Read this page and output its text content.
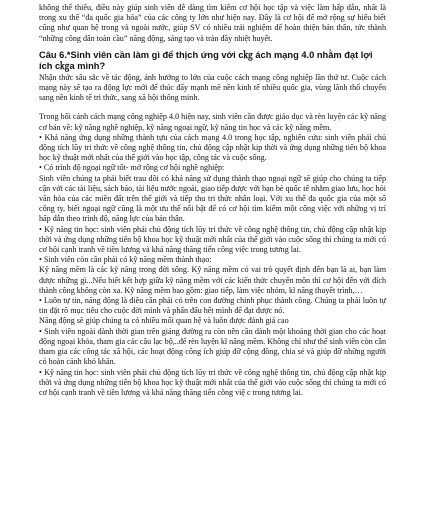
không thể thiếu, điều này giúp sinh viên dễ dàng tìm kiếm cơ hội học tập và việc làm hấp dẫn, nhất là trong xu thế “đa quốc gia hóa” của các công ty lớn như hiện nay. Đây là cơ hội để mở rộng sự hiểu biết cũng như quan hệ trong và ngoài nước, giúp SV có nhiều trải nghiệm để hoàn thiện bản thân, tức thành “những công dân toàn cầu” năng động, sáng tạo và tràn đầy nhiệt huyết.

Câu 6.*Sinh viên cần làm gì để thịch ứng với c㎏ ách mạng 4.0 nhằm đạt lợi ích c㎏a mình?

Nhận thức sâu sắc về tác động, ảnh hưởng to lớn của cuộc cách mạng công nghiệp lần thứ tư. Cuộc cách mạng này sẽ tạo ra động lực mới để thúc đẩy mạnh mẽ nền kinh tế nhiều quốc gia, vùng lãnh thổ chuyển sang nền kinh tế tri thức, sang xã hội thông minh.

Trong bối cảnh cách mạng công nghiệp 4.0 hiện nay, sinh viên cần được giáo dục và rèn luyện các kỹ năng cơ bản về: kỹ năng nghề nghiệp, kỹ năng ngoại ngữ, kỹ năng tin học và các kỹ năng mềm.

• Khả năng ứng dụng những thành tựu của cách mạng 4.0 trong học tập, nghiên cứu: sinh viên phải chủ động tích lũy tri thức về công nghệ thông tin, chủ động cập nhật kịp thời và ứng dụng những tiến bộ khoa học kỹ thuật mới nhất của thế giới vào học tập, công tác và cuộc sống.

• Có trình độ ngoại ngữ tốt- mở rộng cơ hội nghề nghiệp:

Sinh viên chúng ta phải biết trau dồi có khả năng sử dụng thành thạo ngoại ngữ sẽ giúp cho chúng ta tiếp cận với các tài liệu, sách báo, tài liệu nước ngoài, giao tiếp được với bạn bè quốc tế nhằm giao lưu, học hỏi văn hóa của các miền đất trên thế giới và tiếp thu tri thức nhân loại. Với xu thế đa quốc gia của một số công ty, biết ngoại ngữ cũng là một ưu thế nổi bật để có cơ hội tìm kiếm một công việc với những vị trí hấp dẫn theo trình độ, năng lực của bản thân.

• Kỹ năng tin học: sinh viên phải chủ động tích lũy tri thức về công nghệ thông tin, chủ động cập nhật kịp thời và ứng dụng những tiến bộ khoa học kỹ thuật mới nhất của thế giới vào cuộc sống thì chúng ta mới có cơ hội cạnh tranh về tiền lương và khả năng thăng tiến công việc trong tương lai.

• Sinh viên còn cần phải có kỹ năng mềm thành thạo:

Kỹ năng mềm là các kỹ năng trong đời sống. Kỹ năng mềm có vai trò quyết định đến bạn là ai, bạn làm được những gì...Nếu biết kết hợp giữa kỹ năng mềm với các kiến thức chuyên môn thì cơ hội đến với đích thành công không còn xa. Kỹ năng mềm bao gồm: giao tiếp, làm việc nhóm, kĩ năng thuyết trình,…

• Luôn tự tin, năng động là điều cần phải có trên con đường chinh phục thành công. Chúng ta phải luôn tự tin đặt rõ mục tiêu cho cuộc đời mình và phấn đấu hết mình để đạt được nó.

Năng động sẽ giúp chúng ta có nhiều mối quan hệ và luôn được đánh giá cao

• Sinh viên ngoài dành thời gian trên giảng đường ra còn nên cần dành một khoảng thời gian cho các hoạt động ngoại khóa, tham gia các câu lạc bộ,..để rèn luyện kĩ năng mềm. Không chỉ như thế sinh viên còn cần tham gia các công tác xã hội, các hoạt động công ích giúp đỡ cộng đồng, chia sẻ và giúp đỡ những người có hoàn cảnh khó khăn.

• Kỹ năng tin học: sinh viên phải chủ động tích lũy tri thức về công nghệ thông tin, chủ động cập nhật kịp thời và ứng dụng những tiến bộ khoa học kỹ thuật mới nhất của thế giới vào cuộc sống thì chúng ta mới có cơ hội cạnh tranh về tiền lương và khả năng thăng tiến công việ c trong tương lai.
